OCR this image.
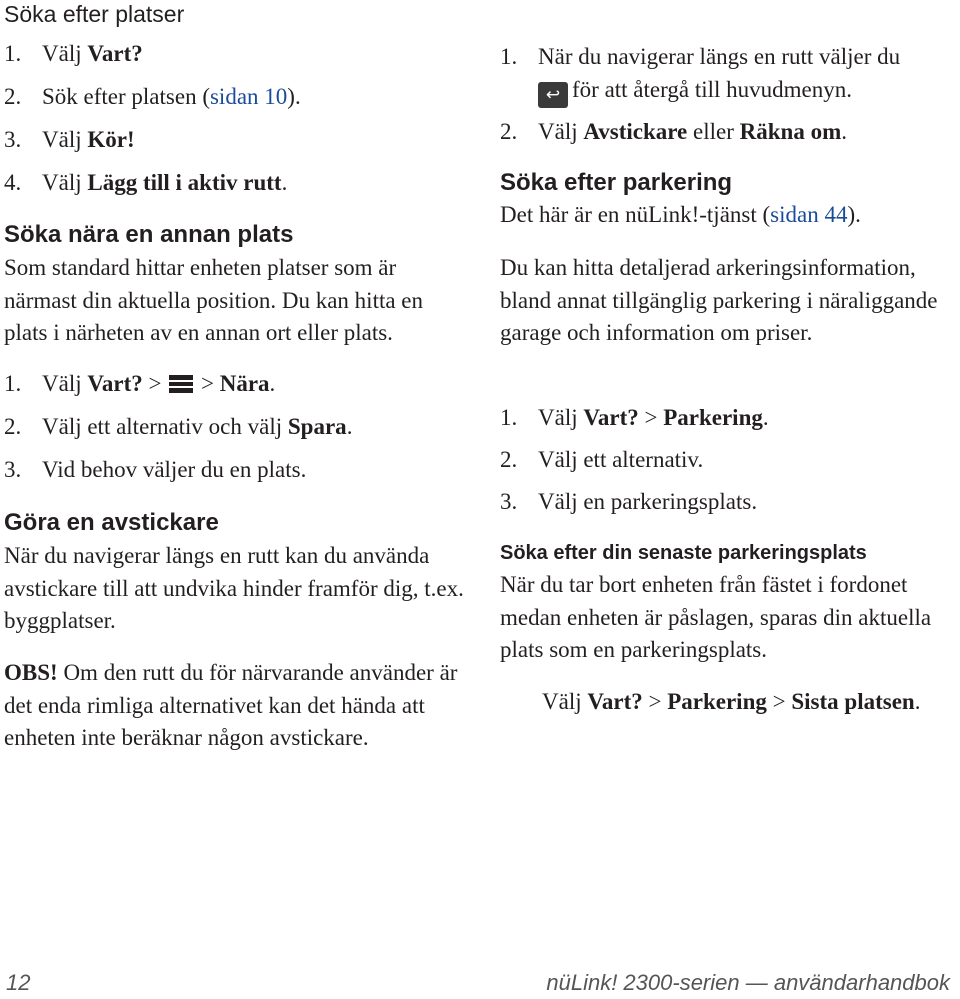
Söka efter platser
1. Välj Vart?
2. Sök efter platsen (sidan 10).
3. Välj Kör!
4. Välj Lägg till i aktiv rutt.
Söka nära en annan plats

Som standard hittar enheten platser som är närmast din aktuella position. Du kan hitta en plats i närheten av en annan ort eller plats.

1. Välj Vart? >  > Nära.
2. Välj ett alternativ och välj Spara.
3. Vid behov väljer du en plats.
Göra en avstickare

När du navigerar längs en rutt kan du använda avstickare till att undvika hinder framför dig, t.ex. byggplatser.

OBS! Om den rutt du för närvarande använder är det enda rimliga alternativet kan det hända att enheten inte beräknar någon avstickare.

1. När du navigerar längs en rutt väljer du
↩ för att återgå till huvudmenyn.
2. Välj Avstickare eller Räkna om.
Söka efter parkering

Det här är en nüLink!-tjänst (sidan 44).

Du kan hitta detaljerad arkeringsinformation, bland annat tillgänglig parkering i näraliggande garage och information om priser.

1. Välj Vart? > Parkering.
2. Välj ett alternativ.
3. Välj en parkeringsplats.
Söka efter din senaste parkeringsplats

När du tar bort enheten från fästet i fordonet medan enheten är påslagen, sparas din aktuella plats som en parkeringsplats.

Välj Vart? > Parkering > Sista platsen.

12	nüLink! 2300-serien — användarhandbok
